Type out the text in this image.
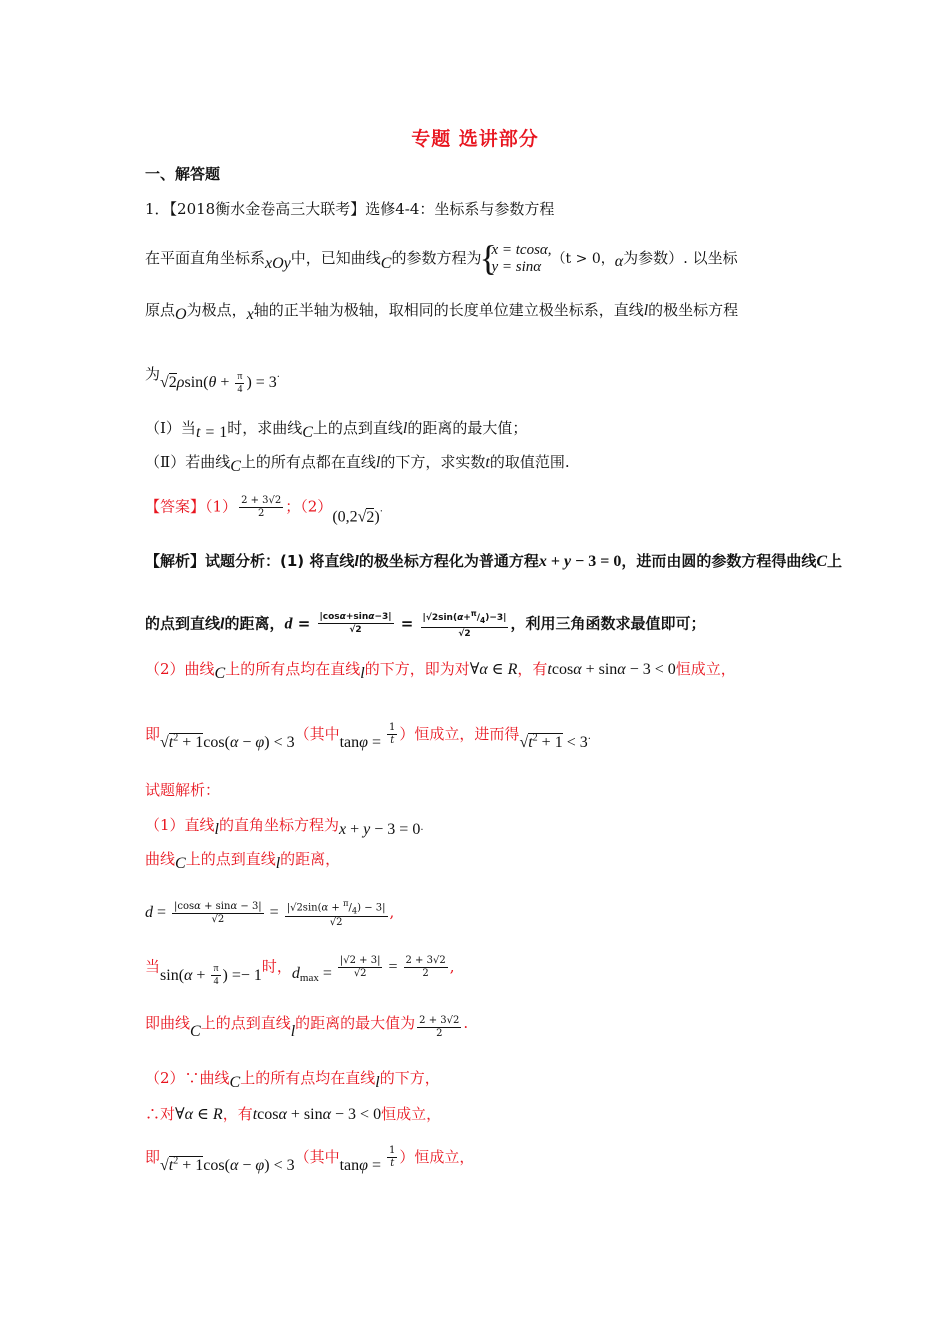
专题 选讲部分
一、解答题
1．【2018衡水金卷高三大联考】选修4-4：坐标系与参数方程
在平面直角坐标系xOy中，已知曲线C的参数方程为
{ x = tcosα,
y = sinα （t > 0，α为参数）. 以坐标
原点O为极点，x轴的正半轴为极轴，取相同的长度单位建立极坐标系，直线l的极坐标方程
为$√2\rho\sin(\theta + \frac{\pi}{4}$ ) = 3.
（Ⅰ）当t = 1时，求曲线C上的点到直线l的距离的最大值；
（Ⅱ）若曲线C上的所有点都在直线l的下方，求实数t的取值范围.
【答案】$(1) \frac{2 + 3√2}{2}$ ；（2）(0,2√2).
【解析】试题分析：(1) 将直线l的极坐标方程化为普通方程x + y − 3 = 0，进而由圆的参数方程得曲线C上
的点到直线l的距离，$d = \frac{|\cos\alpha+\sin\alpha-3|}{√2} = \frac{|√2\sin(\alpha+^\pi/_4)-3|}{√2}$ ，利用三角函数求最值即可；
（2）曲线C上的所有点均在直线l的下方，即为对∀α ∈ R，有tcosα + sinα − 3 < 0恒成立，
即$√t^2 + 1\cos(\alpha - \varphi) < 3$（其中$\tan\varphi = \frac{1}{t}$ ）恒成立，进而得$√t^2 + 1 < 3$.
试题解析：
（1）直线l的直角坐标方程为x + y − 3 = 0.
曲线C上的点到直线l的距离，
$d = \frac{|\cos\alpha + \sin\alpha - 3|}{√2} = \frac{|√2\sin(\alpha + ^\pi/_4) - 3|}{√2}$ ,
当$\sin(\alpha + \frac{\pi}{4}$ ) =− 1时，$d_{max} = \frac{|√2 + 3|}{√2} = \frac{2 + 3√2}{2}$ ,
即曲线C上的点到直线l的距离的最大值为 $\frac{2 + 3√2}{2}$ .
（2）∵曲线C上的所有点均在直线l的下方，
∴对∀α ∈ R，有tcosα + sinα − 3 < 0恒成立，
即$√t^2 + 1\cos(\alpha - \varphi) < 3$（其中$\tan\varphi = \frac{1}{t}$ ）恒成立，
